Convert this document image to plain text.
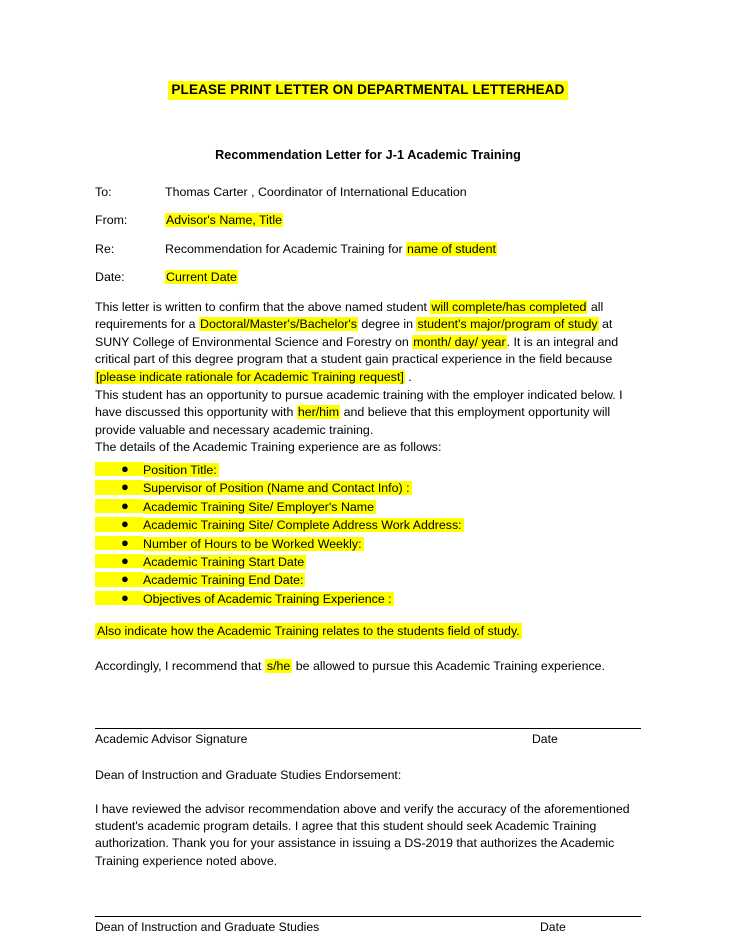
PLEASE PRINT LETTER ON DEPARTMENTAL LETTERHEAD
Recommendation Letter for J-1 Academic Training
To:	Thomas Carter , Coordinator of International Education
From:	Advisor's Name, Title
Re:	Recommendation for Academic Training for name of student
Date:	Current Date

This letter is written to confirm that the above named student will complete/has completed all requirements for a Doctoral/Master's/Bachelor's degree in student's major/program of study at SUNY College of Environmental Science and Forestry on month/ day/ year. It is an integral and critical part of this degree program that a student gain practical experience in the field because [please indicate rationale for Academic Training request] .

This student has an opportunity to pursue academic training with the employer indicated below. I have discussed this opportunity with her/him and believe that this employment opportunity will provide valuable and necessary academic training.

The details of the Academic Training experience are as follows:

● Position Title:
● Supervisor of Position (Name and Contact Info) :
● Academic Training Site/ Employer's Name
● Academic Training Site/ Complete Address Work Address:
● Number of Hours to be Worked Weekly:
● Academic Training Start Date
● Academic Training End Date:
● Objectives of Academic Training Experience :
Also indicate how the Academic Training relates to the students field of study.
Accordingly, I recommend that s/he be allowed to pursue this Academic Training experience.
Academic Advisor Signature	Date
Dean of Instruction and Graduate Studies Endorsement:
I have reviewed the advisor recommendation above and verify the accuracy of the aforementioned student's academic program details. I agree that this student should seek Academic Training authorization. Thank you for your assistance in issuing a DS-2019 that authorizes the Academic Training experience noted above.
Dean of Instruction and Graduate Studies	Date
